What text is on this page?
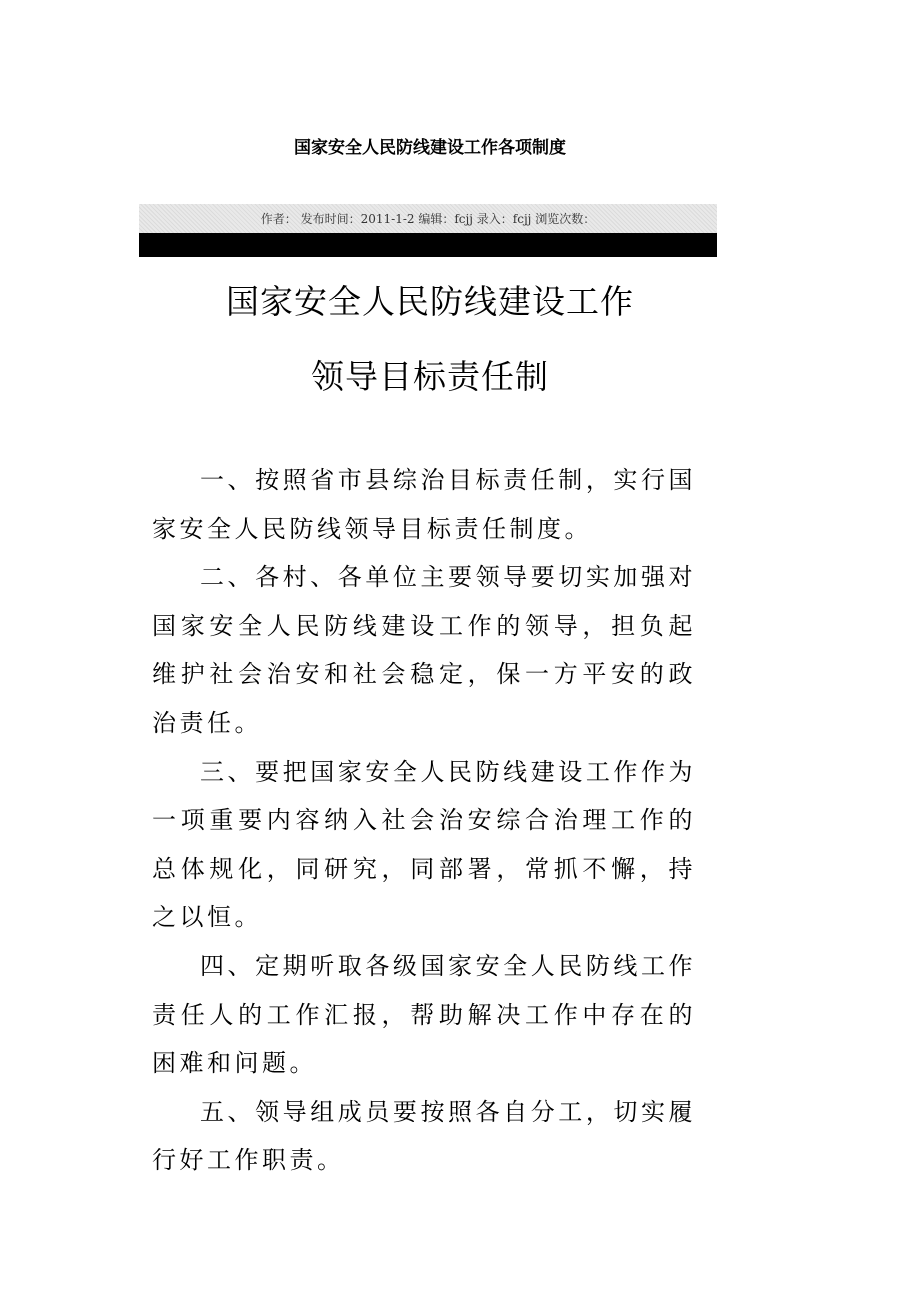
国家安全人民防线建设工作各项制度
作者：
发布时间：2011-1-2
编辑：fcjj
录入：fcjj
浏览次数：
国家安全人民防线建设工作
领导目标责任制

一、按照省市县综治目标责任制，实行国家安全人民防线领导目标责任制度。

二、各村、各单位主要领导要切实加强对国家安全人民防线建设工作的领导，担负起维护社会治安和社会稳定，保一方平安的政治责任。

三、要把国家安全人民防线建设工作作为一项重要内容纳入社会治安综合治理工作的总体规化，同研究，同部署，常抓不懈，持之以恒。

四、定期听取各级国家安全人民防线工作责任人的工作汇报，帮助解决工作中存在的困难和问题。

五、领导组成员要按照各自分工，切实履行好工作职责。
